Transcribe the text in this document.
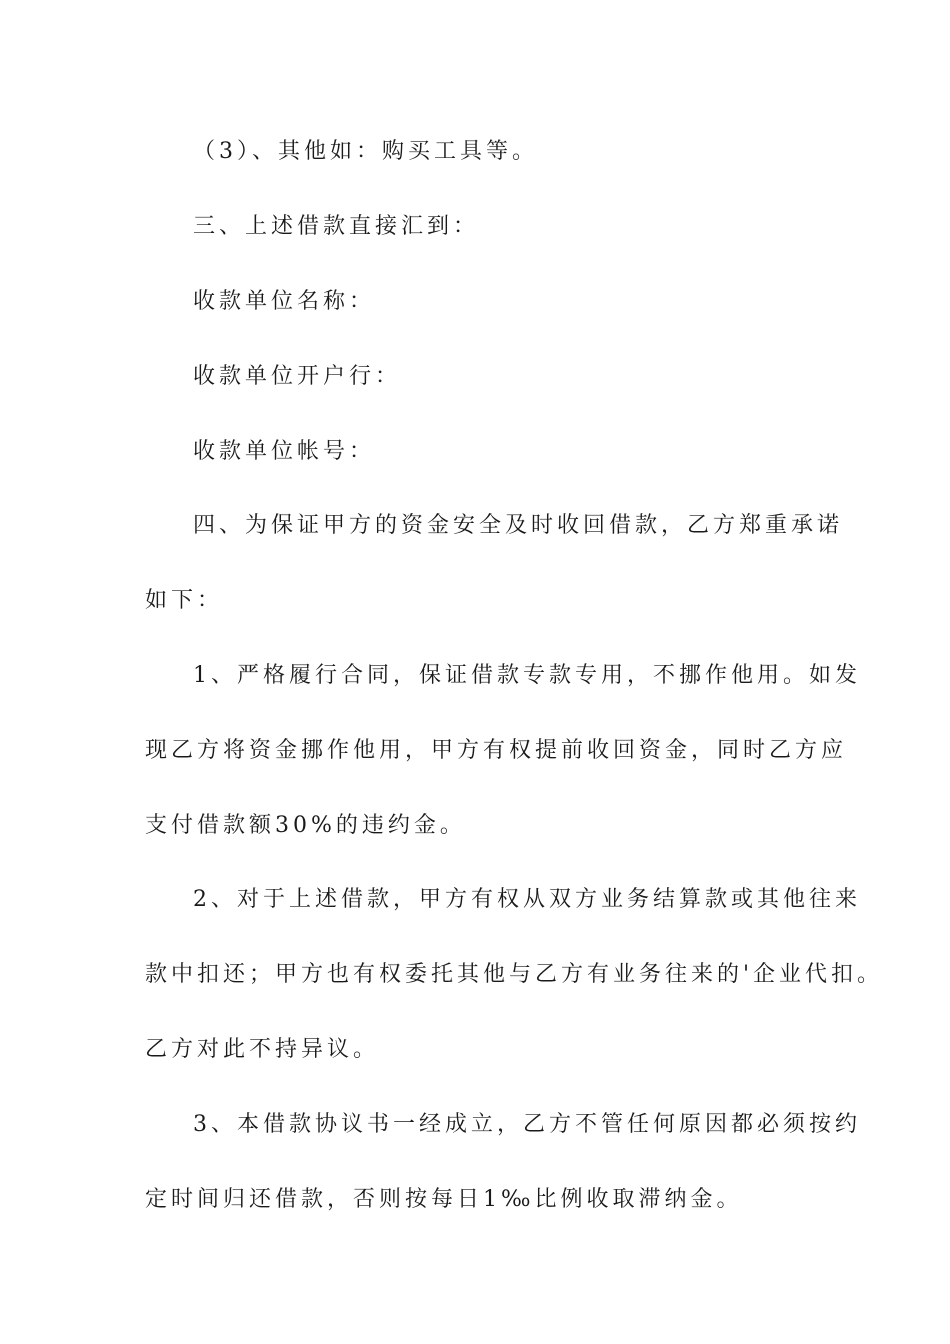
（3）、其他如：购买工具等。
三、上述借款直接汇到：
收款单位名称：
收款单位开户行：
收款单位帐号：
四、为保证甲方的资金安全及时收回借款，乙方郑重承诺
如下：
1、严格履行合同，保证借款专款专用，不挪作他用。如发
现乙方将资金挪作他用，甲方有权提前收回资金，同时乙方应
支付借款额30%的违约金。
2、对于上述借款，甲方有权从双方业务结算款或其他往来
款中扣还；甲方也有权委托其他与乙方有业务往来的'企业代扣。
乙方对此不持异议。
3、本借款协议书一经成立，乙方不管任何原因都必须按约
定时间归还借款，否则按每日1‰比例收取滞纳金。
